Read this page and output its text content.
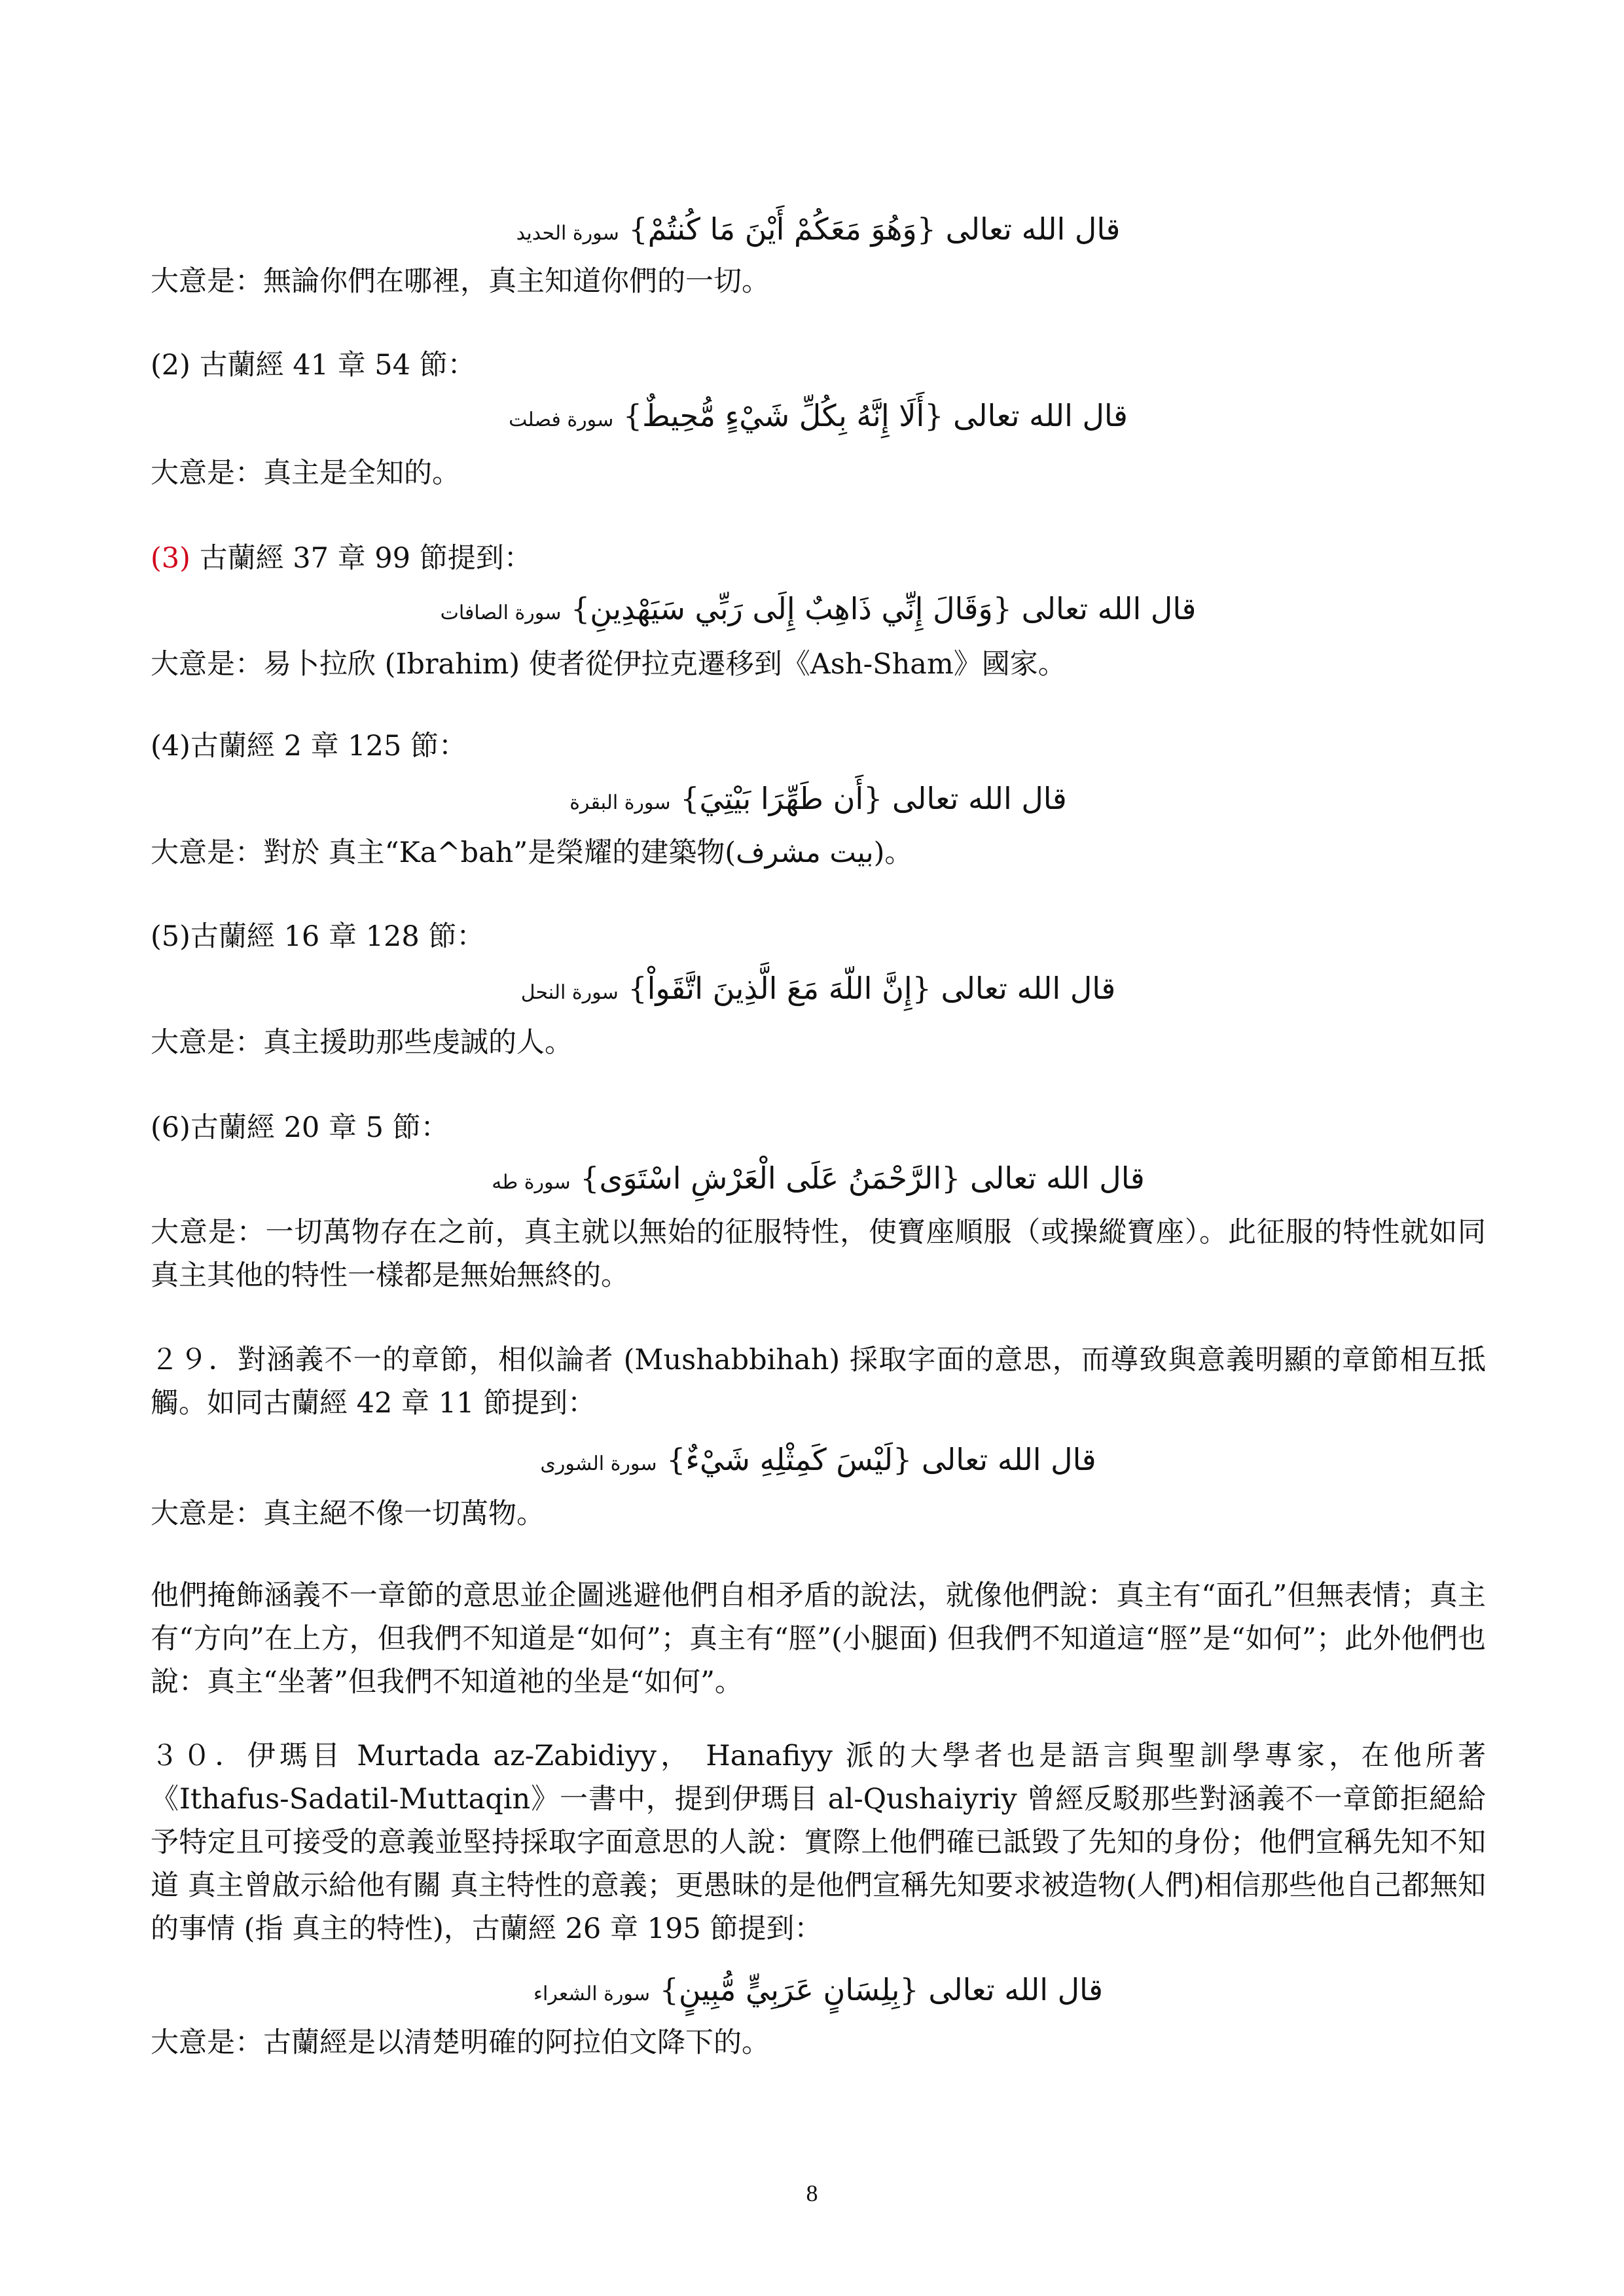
قال الله تعالى {وَهُوَ مَعَكُمْ أَيْنَ مَا كُنتُمْ} سورة الحديد
大意是：無論你們在哪裡，真主知道你們的一切。
(2) 古蘭經 41 章 54 節：
قال الله تعالى {أَلَا إِنَّهُ بِكُلِّ شَيْءٍ مُّحِيطٌ} سورة فصلت
大意是：真主是全知的。
(3) 古蘭經 37 章 99 節提到：
قال الله تعالى {وَقَالَ إِنِّي ذَاهِبٌ إِلَى رَبِّي سَيَهْدِينِ} سورة الصافات
大意是：易卜拉欣 (Ibrahim) 使者從伊拉克遷移到《Ash-Sham》國家。
(4)古蘭經 2 章 125 節：
قال الله تعالى {أَن طَهِّرَا بَيْتِيَ} سورة البقرة
大意是：對於 真主“Ka^bah”是榮耀的建築物(بيت مشرف)。
(5)古蘭經 16 章 128 節：
قال الله تعالى {إِنَّ اللّهَ مَعَ الَّذِينَ اتَّقَواْ} سورة النحل
大意是：真主援助那些虔誠的人。
(6)古蘭經 20 章 5 節：
قال الله تعالى {الرَّحْمَنُ عَلَى الْعَرْشِ اسْتَوَى} سورة طه
大意是：一切萬物存在之前，真主就以無始的征服特性，使寶座順服（或操縱寶座）。此征服的特性就如同 真主其他的特性一樣都是無始無終的。
２９．對涵義不一的章節，相似論者 (Mushabbihah) 採取字面的意思，而導致與意義明顯的章節相互抵觸。如同古蘭經 42 章 11 節提到：
قال الله تعالى {لَيْسَ كَمِثْلِهِ شَيْءٌ} سورة الشورى
大意是：真主絕不像一切萬物。
他們掩飾涵義不一章節的意思並企圖逃避他們自相矛盾的說法，就像他們說：真主有“面孔”但無表情；真主有“方向”在上方，但我們不知道是“如何”；真主有“脛”(小腿面) 但我們不知道這“脛”是“如何”；此外他們也說：真主“坐著”但我們不知道祂的坐是“如何”。
３０．伊瑪目 Murtada az-Zabidiyy， Hanafiyy 派的大學者也是語言與聖訓學專家，在他所著《Ithafus-Sadatil-Muttaqin》一書中，提到伊瑪目 al-Qushaiyriy 曾經反駁那些對涵義不一章節拒絕給予特定且可接受的意義並堅持採取字面意思的人說：實際上他們確已詆毀了先知的身份；他們宣稱先知不知道 真主曾啟示給他有關 真主特性的意義；更愚昧的是他們宣稱先知要求被造物(人們)相信那些他自己都無知的事情 (指 真主的特性)，古蘭經 26 章 195 節提到：
قال الله تعالى {بِلِسَانٍ عَرَبِيٍّ مُّبِينٍ} سورة الشعراء
大意是：古蘭經是以清楚明確的阿拉伯文降下的。
8
